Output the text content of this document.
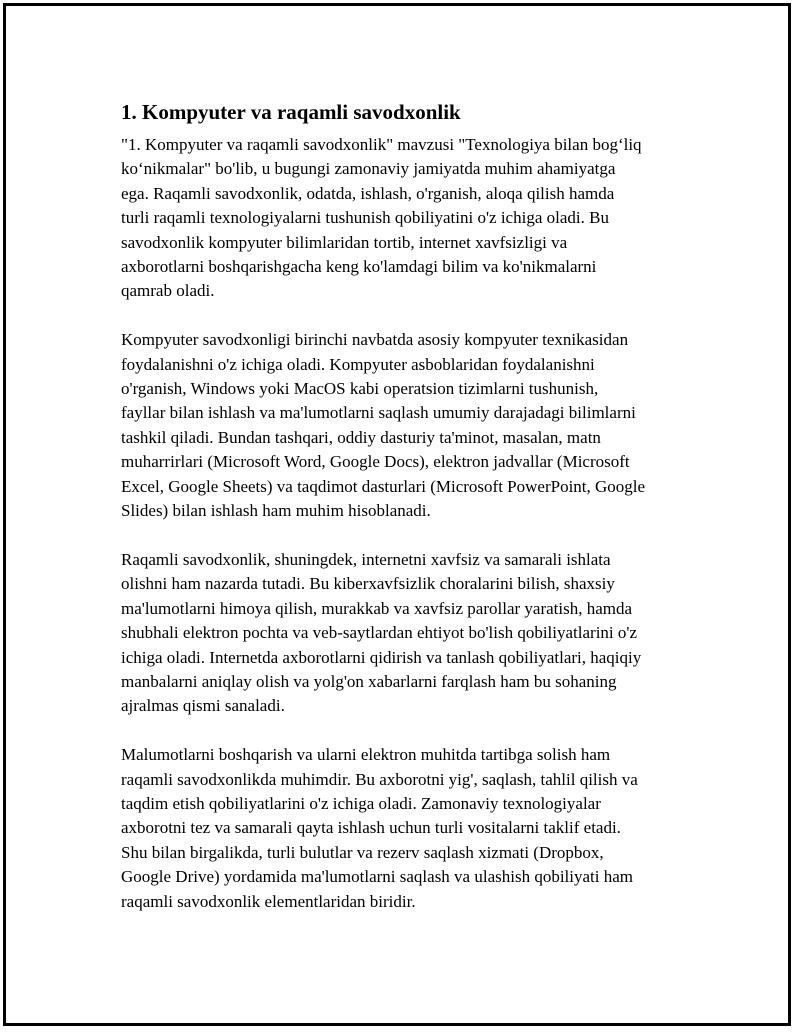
1. Kompyuter va raqamli savodxonlik
"1. Kompyuter va raqamli savodxonlik" mavzusi "Texnologiya bilan bog‘liq
ko‘nikmalar" bo'lib, u bugungi zamonaviy jamiyatda muhim ahamiyatga
ega. Raqamli savodxonlik, odatda, ishlash, o'rganish, aloqa qilish hamda
turli raqamli texnologiyalarni tushunish qobiliyatini o'z ichiga oladi. Bu
savodxonlik kompyuter bilimlaridan tortib, internet xavfsizligi va
axborotlarni boshqarishgacha keng ko'lamdagi bilim va ko'nikmalarni
qamrab oladi.
Kompyuter savodxonligi birinchi navbatda asosiy kompyuter texnikasidan
foydalanishni o'z ichiga oladi. Kompyuter asboblaridan foydalanishni
o'rganish, Windows yoki MacOS kabi operatsion tizimlarni tushunish,
fayllar bilan ishlash va ma'lumotlarni saqlash umumiy darajadagi bilimlarni
tashkil qiladi. Bundan tashqari, oddiy dasturiy ta'minot, masalan, matn
muharrirlari (Microsoft Word, Google Docs), elektron jadvallar (Microsoft
Excel, Google Sheets) va taqdimot dasturlari (Microsoft PowerPoint, Google
Slides) bilan ishlash ham muhim hisoblanadi.
Raqamli savodxonlik, shuningdek, internetni xavfsiz va samarali ishlata
olishni ham nazarda tutadi. Bu kiberxavfsizlik choralarini bilish, shaxsiy
ma'lumotlarni himoya qilish, murakkab va xavfsiz parollar yaratish, hamda
shubhali elektron pochta va veb-saytlardan ehtiyot bo'lish qobiliyatlarini o'z
ichiga oladi. Internetda axborotlarni qidirish va tanlash qobiliyatlari, haqiqiy
manbalarni aniqlay olish va yolg'on xabarlarni farqlash ham bu sohaning
ajralmas qismi sanaladi.
Malumotlarni boshqarish va ularni elektron muhitda tartibga solish ham
raqamli savodxonlikda muhimdir. Bu axborotni yig', saqlash, tahlil qilish va
taqdim etish qobiliyatlarini o'z ichiga oladi. Zamonaviy texnologiyalar
axborotni tez va samarali qayta ishlash uchun turli vositalarni taklif etadi.
Shu bilan birgalikda, turli bulutlar va rezerv saqlash xizmati (Dropbox,
Google Drive) yordamida ma'lumotlarni saqlash va ulashish qobiliyati ham
raqamli savodxonlik elementlaridan biridir.
